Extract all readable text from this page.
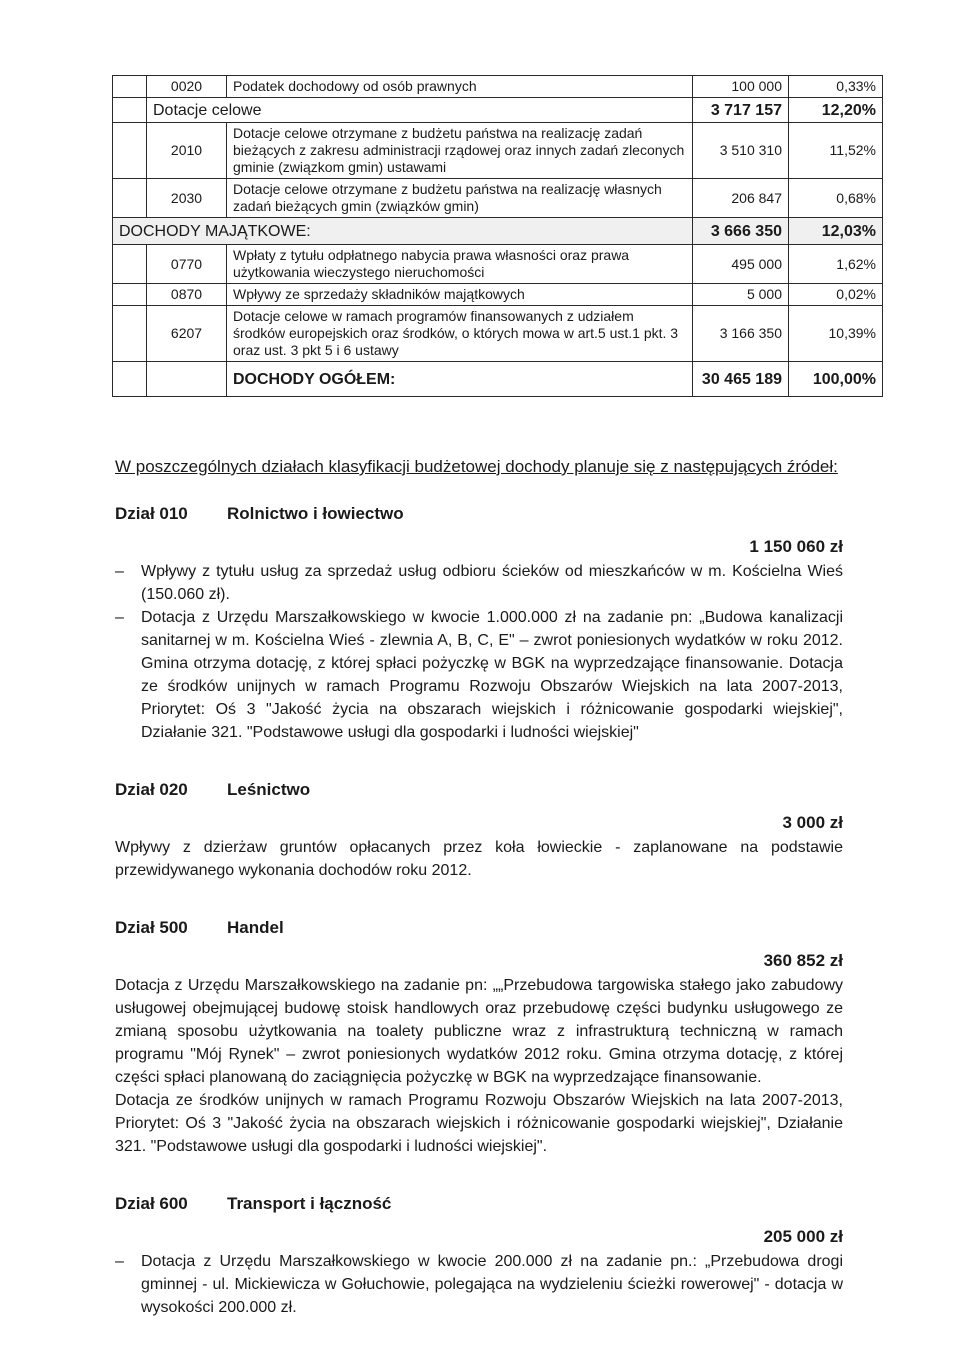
	0020	Podatek dochodowy od osób prawnych	100 000	0,33%
	Dotacje celowe		3 717 157	12,20%
	2010	Dotacje celowe otrzymane z budżetu państwa na realizację zadań bieżących z zakresu administracji rządowej oraz innych zadań zleconych gminie (związkom gmin) ustawami	3 510 310	11,52%
	2030	Dotacje celowe otrzymane z budżetu państwa na realizację własnych zadań bieżących gmin (związków gmin)	206 847	0,68%
DOCHODY MAJĄTKOWE:			3 666 350	12,03%
	0770	Wpłaty z tytułu odpłatnego nabycia prawa własności oraz prawa użytkowania wieczystego nieruchomości	495 000	1,62%
	0870	Wpływy ze sprzedaży składników majątkowych	5 000	0,02%
	6207	Dotacje celowe w ramach programów finansowanych z udziałem środków europejskich oraz środków, o których mowa w art.5 ust.1 pkt. 3 oraz ust. 3 pkt 5 i 6 ustawy	3 166 350	10,39%
		DOCHODY OGÓŁEM:	30 465 189	100,00%

W poszczególnych działach klasyfikacji budżetowej dochody planuje się z następujących źródeł:

Dział 010	Rolnictwo i łowiectwo
1 150 060 zł
–	Wpływy z tytułu usług za sprzedaż usług odbioru ścieków od mieszkańców w m. Kościelna Wieś (150.060 zł).
–	Dotacja z Urzędu Marszałkowskiego w kwocie 1.000.000 zł na zadanie pn: „Budowa kanalizacji sanitarnej w m. Kościelna Wieś - zlewnia A, B, C, E" – zwrot poniesionych wydatków w roku 2012. Gmina otrzyma dotację, z której spłaci pożyczkę w BGK na wyprzedzające finansowanie. Dotacja ze środków unijnych w ramach Programu Rozwoju Obszarów Wiejskich na lata 2007-2013, Priorytet: Oś 3 "Jakość życia na obszarach wiejskich i różnicowanie gospodarki wiejskiej", Działanie 321. "Podstawowe usługi dla gospodarki i ludności wiejskiej"
Dział 020	Leśnictwo
3 000 zł
Wpływy z dzierżaw gruntów opłacanych przez koła łowieckie - zaplanowane na podstawie przewidywanego wykonania dochodów roku 2012.
Dział 500	Handel
360 852 zł
Dotacja z Urzędu Marszałkowskiego na zadanie pn: „„Przebudowa targowiska stałego jako zabudowy usługowej obejmującej budowę stoisk handlowych oraz przebudowę części budynku usługowego ze zmianą sposobu użytkowania na toalety publiczne wraz z infrastrukturą techniczną w ramach programu "Mój Rynek" – zwrot poniesionych wydatków 2012 roku. Gmina otrzyma dotację, z której części spłaci planowaną do zaciągnięcia pożyczkę w BGK na wyprzedzające finansowanie.
Dotacja ze środków unijnych w ramach Programu Rozwoju Obszarów Wiejskich na lata 2007-2013, Priorytet: Oś 3 "Jakość życia na obszarach wiejskich i różnicowanie gospodarki wiejskiej", Działanie 321. "Podstawowe usługi dla gospodarki i ludności wiejskiej".
Dział 600	Transport i łączność
205 000 zł
–	Dotacja z Urzędu Marszałkowskiego w kwocie 200.000 zł na zadanie pn.: „Przebudowa drogi gminnej - ul. Mickiewicza w Gołuchowie, polegająca na wydzieleniu ścieżki rowerowej" - dotacja w wysokości 200.000 zł.
